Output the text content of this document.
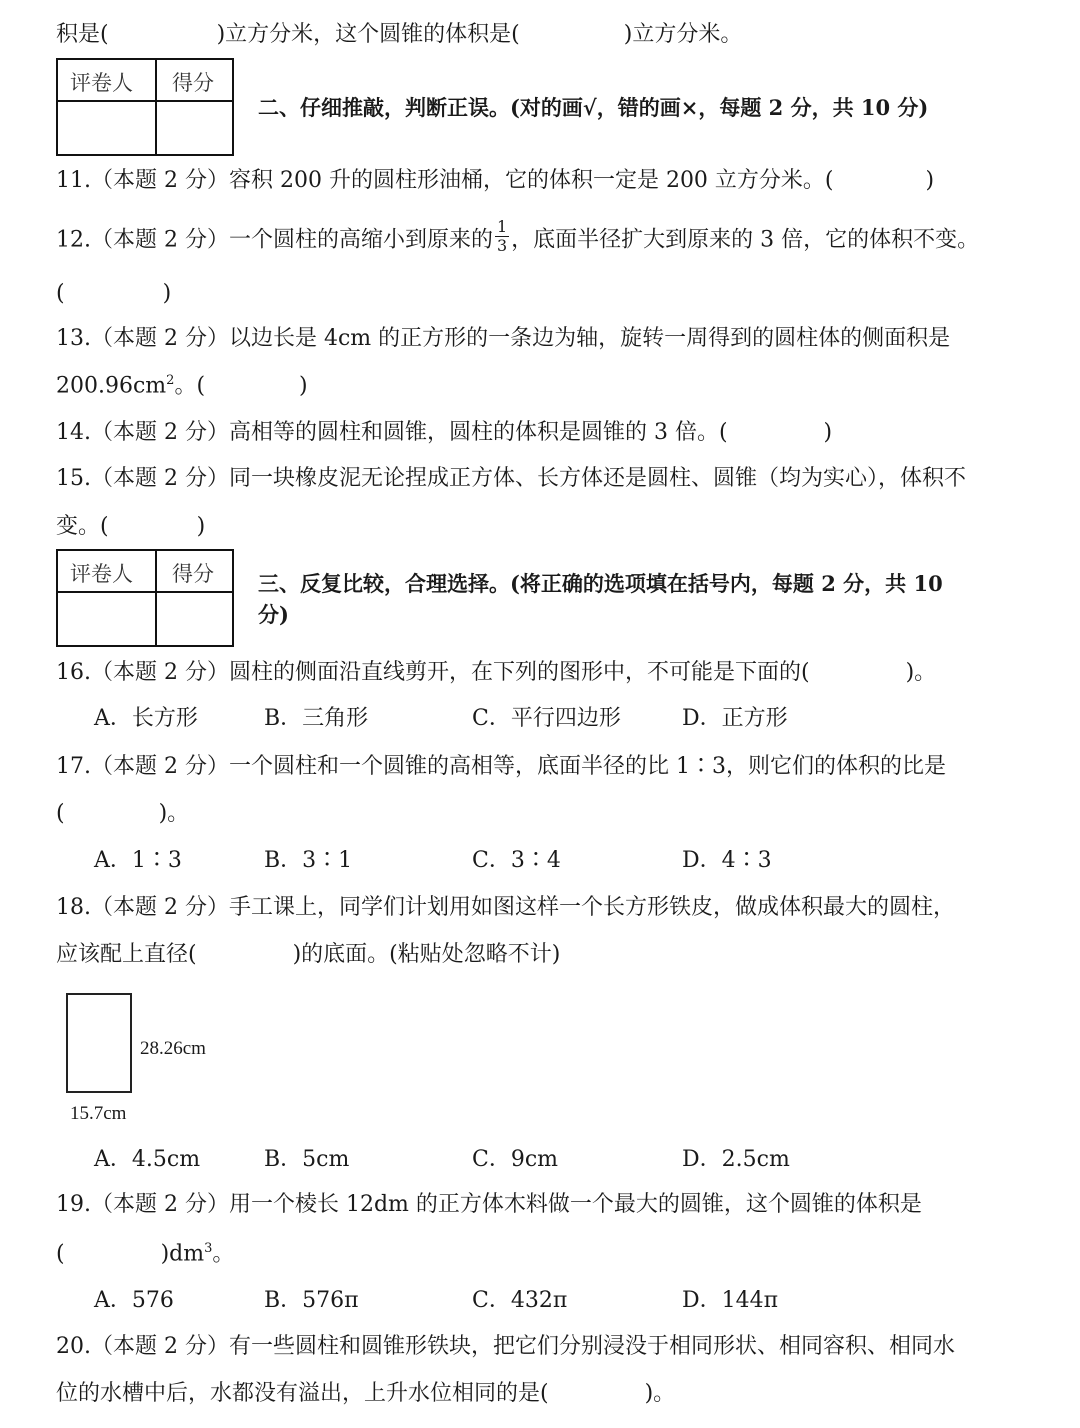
积是(	)立方分米，这个圆锥的体积是(	)立方分米。
评卷人 得分
二、仔细推敲，判断正误。(对的画√，错的画×，每题 2 分，共 10 分)
11.（本题 2 分）容积 200 升的圆柱形油桶，它的体积一定是 200 立方分米。(	)
12.（本题 2 分）一个圆柱的高缩小到原来的 $\frac{1}{3}$ ，底面半径扩大到原来的 3 倍，它的体积不变。
(	)
13.（本题 2 分）以边长是 4cm 的正方形的一条边为轴，旋转一周得到的圆柱体的侧面积是
$200.96cm^2$。(	)
14.（本题 2 分）高相等的圆柱和圆锥，圆柱的体积是圆锥的 3 倍。(	)
15.（本题 2 分）同一块橡皮泥无论捏成正方体、长方体还是圆柱、圆锥（均为实心），体积不
变。(	)
评卷人 得分 三、反复比较，合理选择。(将正确的选项填在括号内，每题 2 分，共 10
分)
16.（本题 2 分）圆柱的侧面沿直线剪开，在下列的图形中，不可能是下面的(	)。
A．长方形	B．三角形	C．平行四边形	D．正方形
17.（本题 2 分）一个圆柱和一个圆锥的高相等，底面半径的比 1∶3，则它们的体积的比是
(	)。
A．1∶3	B．3∶1	C．3∶4	D．4∶3
18.（本题 2 分）手工课上，同学们计划用如图这样一个长方形铁皮，做成体积最大的圆柱，
应该配上直径(	)的底面。(粘贴处忽略不计)
28.26cm
15.7cm
A．4.5cm	B．5cm	C．9cm	D．2.5cm
19.（本题 2 分）用一个棱长 12dm 的正方体木料做一个最大的圆锥，这个圆锥的体积是
(	)$dm^3$。
A．576	B．576π	C．432π	D．144π
20.（本题 2 分）有一些圆柱和圆锥形铁块，把它们分别浸没于相同形状、相同容积、相同水
位的水槽中后，水都没有溢出，上升水位相同的是(	)。
